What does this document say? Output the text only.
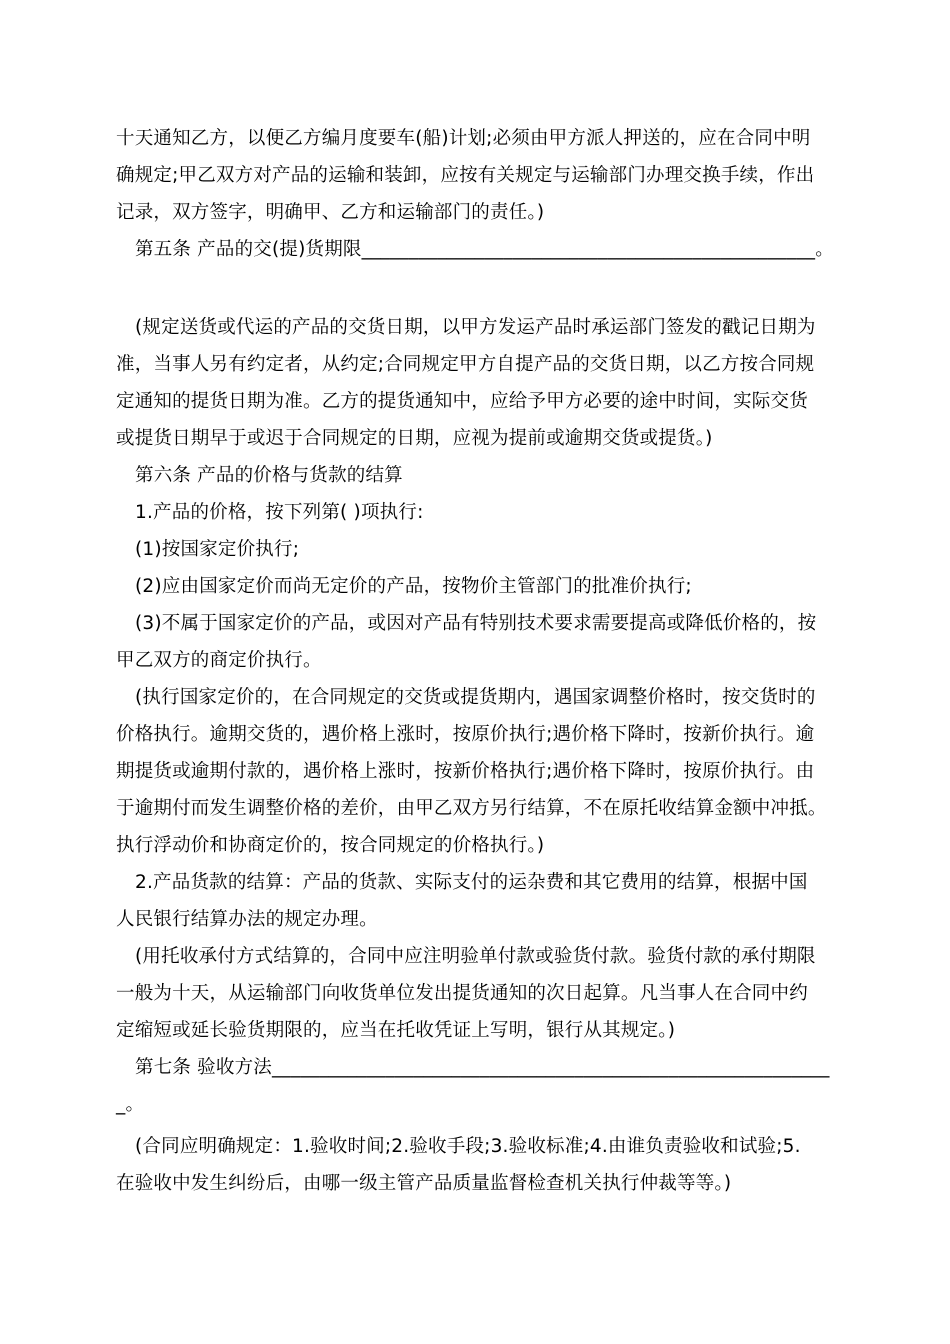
十天通知乙方，以便乙方编月度要车(船)计划;必须由甲方派人押送的，应在合同中明
确规定;甲乙双方对产品的运输和装卸，应按有关规定与运输部门办理交换手续，作出
记录，双方签字，明确甲、乙方和运输部门的责任。)
第五条 产品的交(提)货期限________________________________________________。
(规定送货或代运的产品的交货日期，以甲方发运产品时承运部门签发的戳记日期为
准，当事人另有约定者，从约定;合同规定甲方自提产品的交货日期，以乙方按合同规
定通知的提货日期为准。乙方的提货通知中，应给予甲方必要的途中时间，实际交货
或提货日期早于或迟于合同规定的日期，应视为提前或逾期交货或提货。)
第六条 产品的价格与货款的结算
1.产品的价格，按下列第( )项执行:
(1)按国家定价执行;
(2)应由国家定价而尚无定价的产品，按物价主管部门的批准价执行;
(3)不属于国家定价的产品，或因对产品有特别技术要求需要提高或降低价格的，按
甲乙双方的商定价执行。
(执行国家定价的，在合同规定的交货或提货期内，遇国家调整价格时，按交货时的
价格执行。逾期交货的，遇价格上涨时，按原价执行;遇价格下降时，按新价执行。逾
期提货或逾期付款的，遇价格上涨时，按新价格执行;遇价格下降时，按原价执行。由
于逾期付而发生调整价格的差价，由甲乙双方另行结算，不在原托收结算金额中冲抵。
执行浮动价和协商定价的，按合同规定的价格执行。)
2.产品货款的结算：产品的货款、实际支付的运杂费和其它费用的结算，根据中国
人民银行结算办法的规定办理。
(用托收承付方式结算的，合同中应注明验单付款或验货付款。验货付款的承付期限
一般为十天，从运输部门向收货单位发出提货通知的次日起算。凡当事人在合同中约
定缩短或延长验货期限的，应当在托收凭证上写明，银行从其规定。)
第七条 验收方法___________________________________________________________
_。
(合同应明确规定：1.验收时间;2.验收手段;3.验收标准;4.由谁负责验收和试验;5.
在验收中发生纠纷后，由哪一级主管产品质量监督检查机关执行仲裁等等。)
